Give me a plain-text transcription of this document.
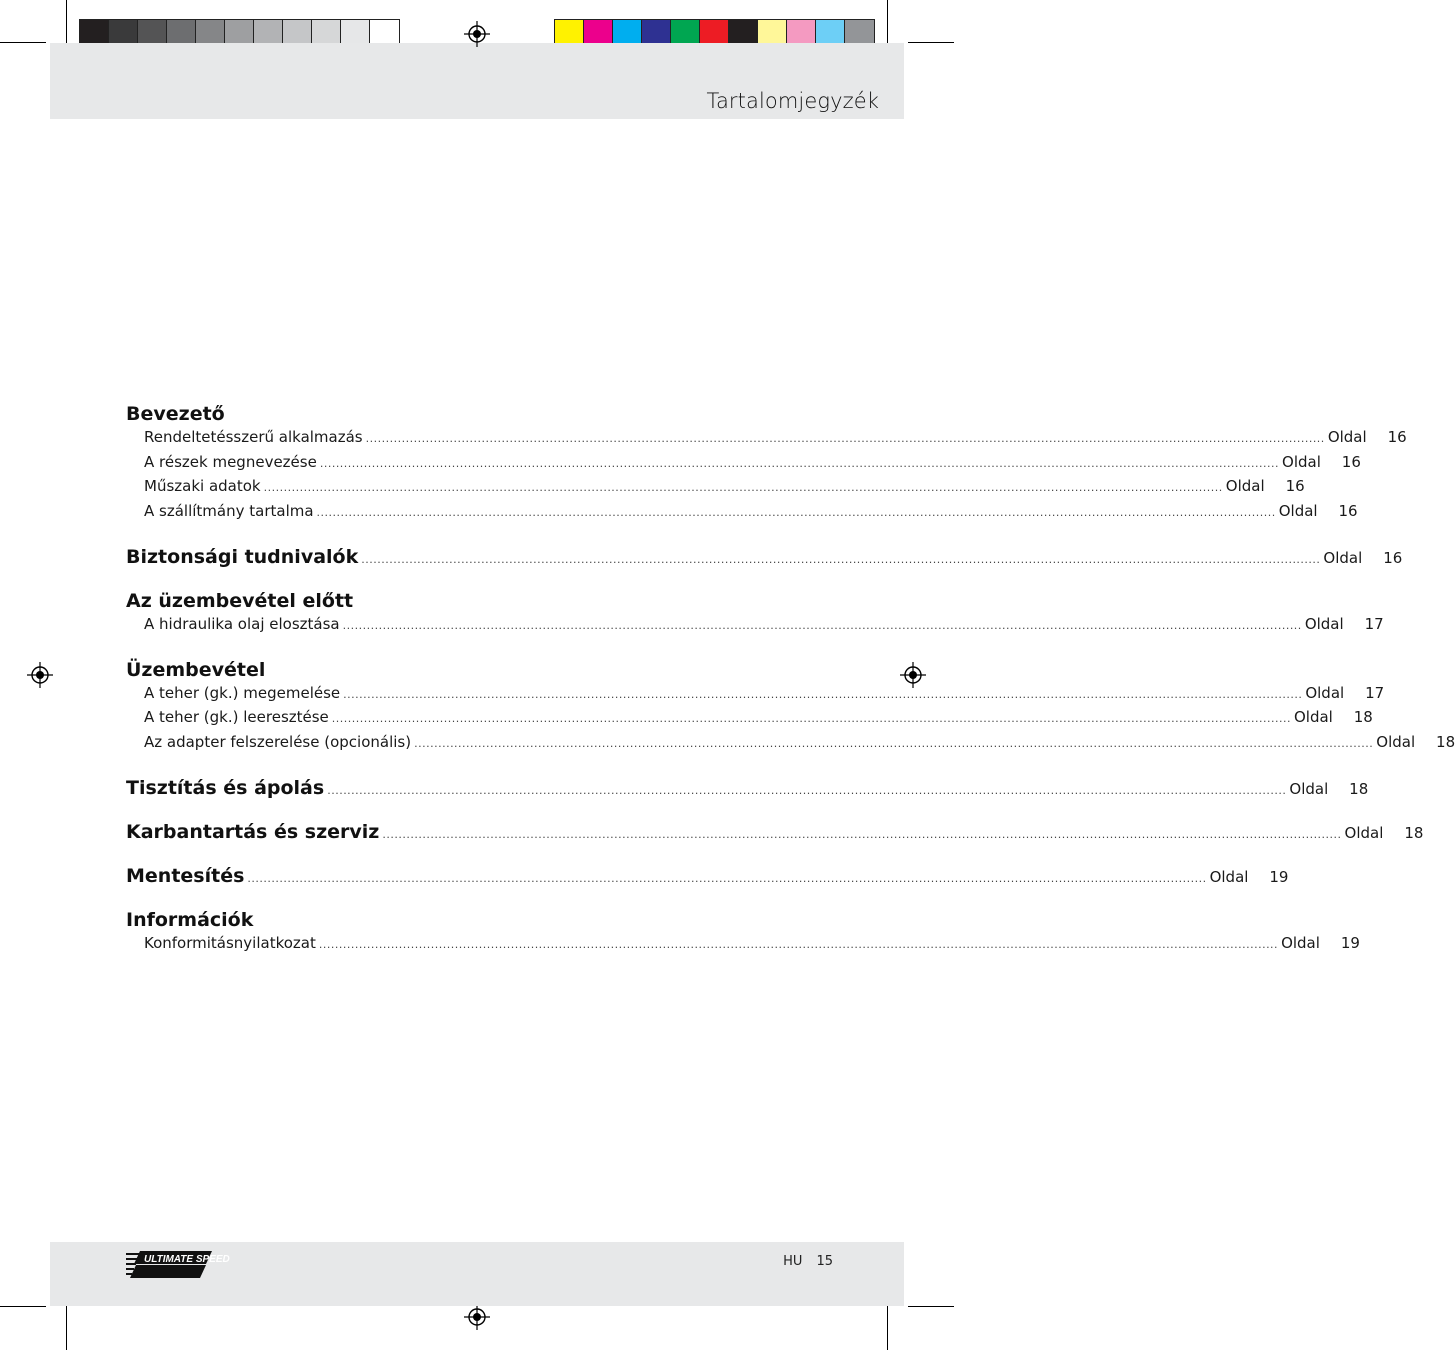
Tartalomjegyzék
Bevezető
Rendeltetésszerű alkalmazás .....	Oldal	16
A részek megnevezése .....	Oldal	16
Műszaki adatok .....	Oldal	16
A szállítmány tartalma .....	Oldal	16
Biztonsági tudnivalók .....	Oldal	16
Az üzembevétel előtt
A hidraulika olaj elosztása .....	Oldal	17
Üzembevétel
A teher (gk.) megemelése .....	Oldal	17
A teher (gk.) leeresztése .....	Oldal	18
Az adapter felszerelése (opcionális) .....	Oldal	18
Tisztítás és ápolás .....	Oldal	18
Karbantartás és szerviz .....	Oldal	18
Mentesítés .....	Oldal	19
Információk
Konformitásnyilatkozat .....	Oldal	19
ULTIMATE SPEED	HU 15
